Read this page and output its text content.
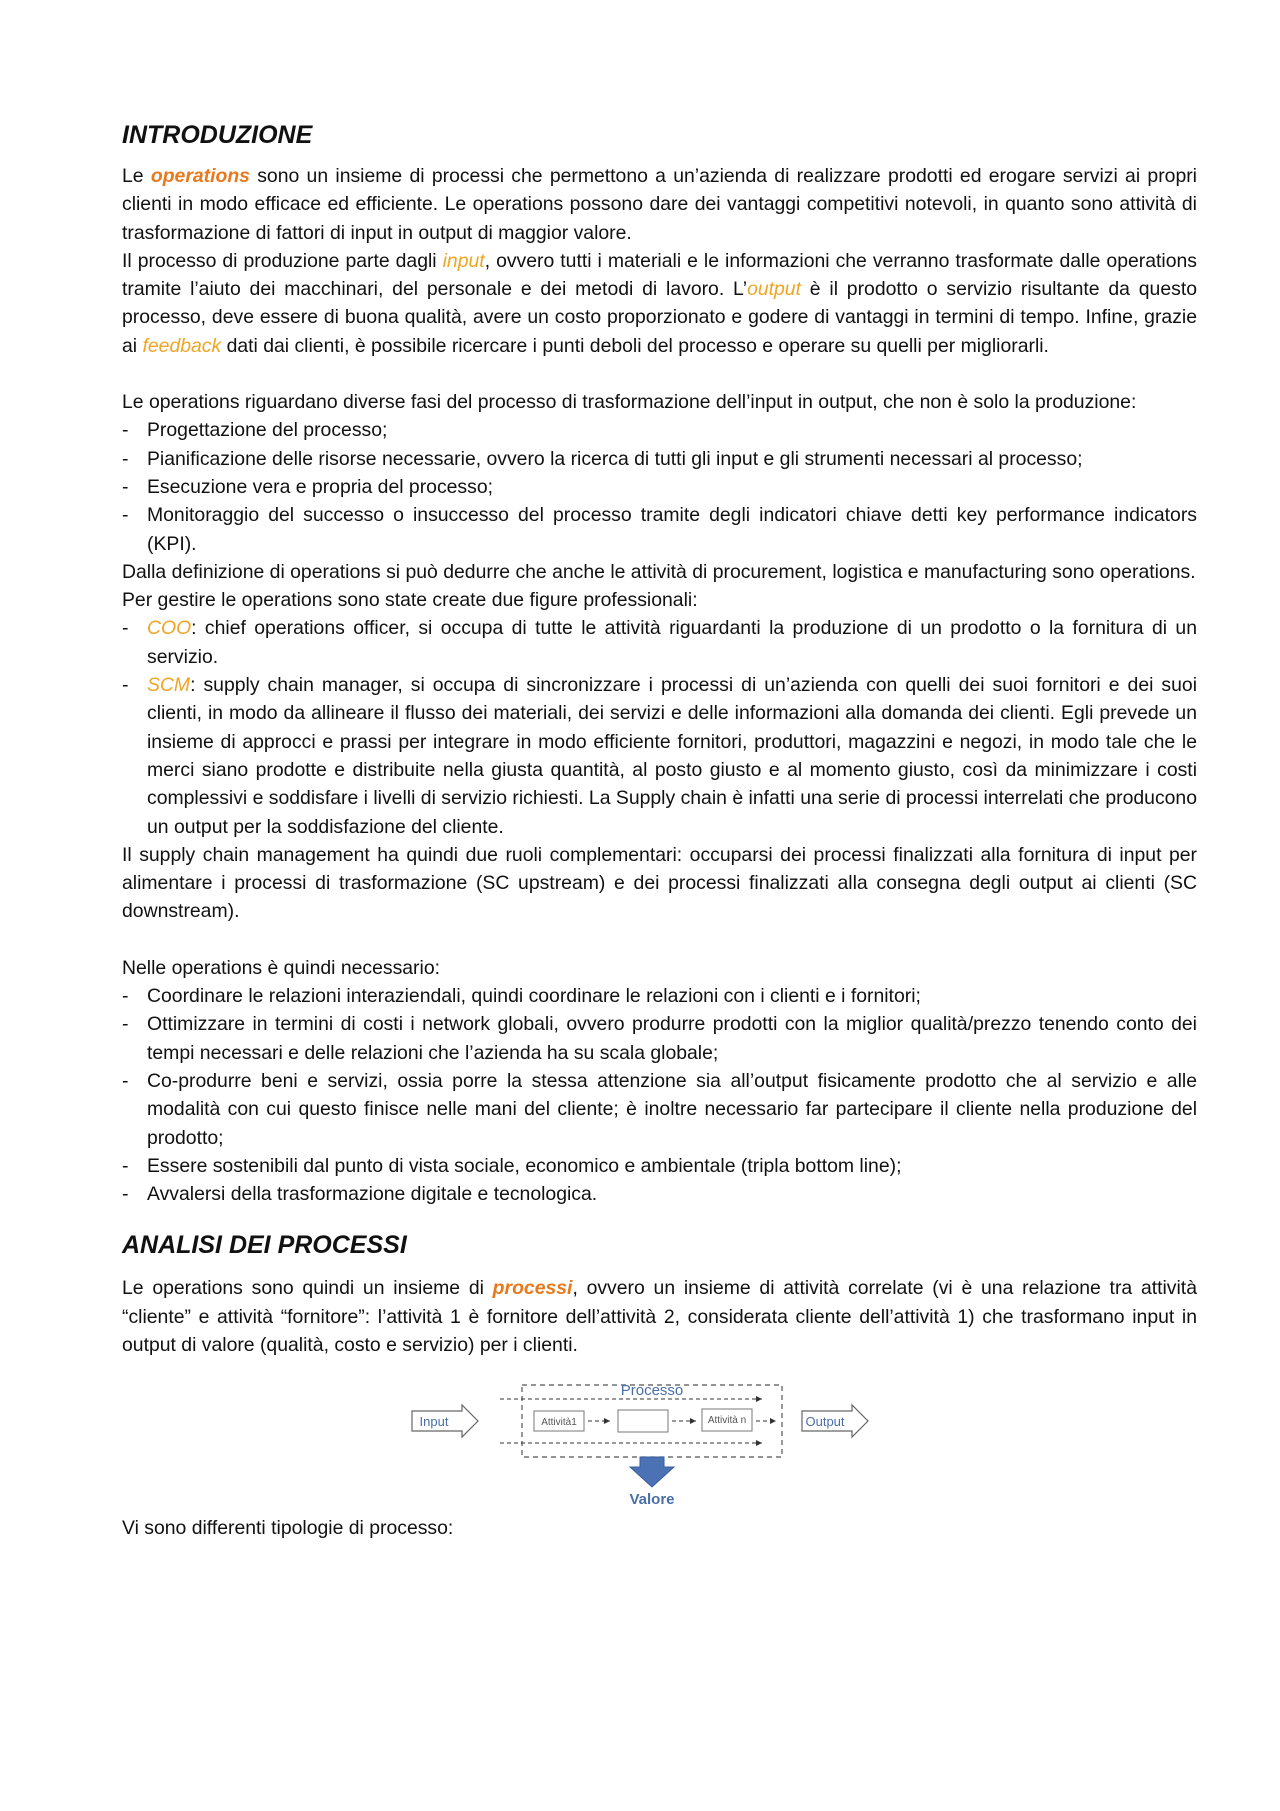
INTRODUZIONE

Le operations sono un insieme di processi che permettono a un’azienda di realizzare prodotti ed erogare servizi ai propri clienti in modo efficace ed efficiente. Le operations possono dare dei vantaggi competitivi notevoli, in quanto sono attività di trasformazione di fattori di input in output di maggior valore.

Il processo di produzione parte dagli input, ovvero tutti i materiali e le informazioni che verranno trasformate dalle operations tramite l’aiuto dei macchinari, del personale e dei metodi di lavoro. L’output è il prodotto o servizio risultante da questo processo, deve essere di buona qualità, avere un costo proporzionato e godere di vantaggi in termini di tempo. Infine, grazie ai feedback dati dai clienti, è possibile ricercare i punti deboli del processo e operare su quelli per migliorarli.

Le operations riguardano diverse fasi del processo di trasformazione dell’input in output, che non è solo la produzione:

- Progettazione del processo;
- Pianificazione delle risorse necessarie, ovvero la ricerca di tutti gli input e gli strumenti necessari al processo;
- Esecuzione vera e propria del processo;
- Monitoraggio del successo o insuccesso del processo tramite degli indicatori chiave detti key performance indicators (KPI).

Dalla definizione di operations si può dedurre che anche le attività di procurement, logistica e manufacturing sono operations.

Per gestire le operations sono state create due figure professionali:

- COO: chief operations officer, si occupa di tutte le attività riguardanti la produzione di un prodotto o la fornitura di un servizio.
- SCM: supply chain manager, si occupa di sincronizzare i processi di un’azienda con quelli dei suoi fornitori e dei suoi clienti, in modo da allineare il flusso dei materiali, dei servizi e delle informazioni alla domanda dei clienti. Egli prevede un insieme di approcci e prassi per integrare in modo efficiente fornitori, produttori, magazzini e negozi, in modo tale che le merci siano prodotte e distribuite nella giusta quantità, al posto giusto e al momento giusto, così da minimizzare i costi complessivi e soddisfare i livelli di servizio richiesti. La Supply chain è infatti una serie di processi interrelati che producono un output per la soddisfazione del cliente.

Il supply chain management ha quindi due ruoli complementari: occuparsi dei processi finalizzati alla fornitura di input per alimentare i processi di trasformazione (SC upstream) e dei processi finalizzati alla consegna degli output ai clienti (SC downstream).

Nelle operations è quindi necessario:

- Coordinare le relazioni interaziendali, quindi coordinare le relazioni con i clienti e i fornitori;
- Ottimizzare in termini di costi i network globali, ovvero produrre prodotti con la miglior qualità/prezzo tenendo conto dei tempi necessari e delle relazioni che l’azienda ha su scala globale;
- Co-produrre beni e servizi, ossia porre la stessa attenzione sia all’output fisicamente prodotto che al servizio e alle modalità con cui questo finisce nelle mani del cliente; è inoltre necessario far partecipare il cliente nella produzione del prodotto;
- Essere sostenibili dal punto di vista sociale, economico e ambientale (tripla bottom line);
- Avvalersi della trasformazione digitale e tecnologica.
ANALISI DEI PROCESSI

Le operations sono quindi un insieme di processi, ovvero un insieme di attività correlate (vi è una relazione tra attività “cliente” e attività “fornitore”: l’attività 1 è fornitore dell’attività 2, considerata cliente dell’attività 1) che trasformano input in output di valore (qualità, costo e servizio) per i clienti.

Processo
Input	Attività1	Attività n	Output
Valore

Vi sono differenti tipologie di processo:
